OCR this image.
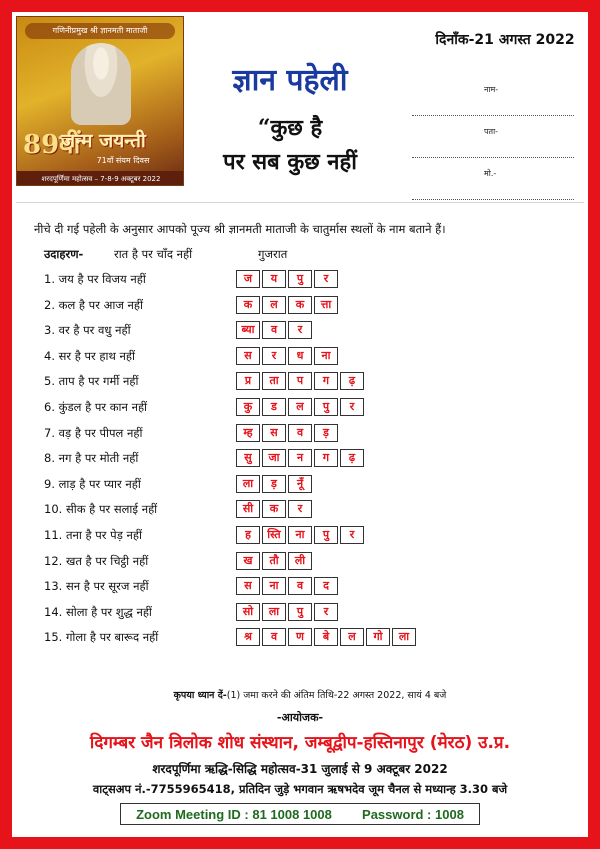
गणिनीप्रमुख श्री ज्ञानमती माताजी
89वीं
जन्म जयन्ती
71वाँ संयम दिवस
शरदपूर्णिमा महोत्सव – 7-8-9 अक्टूबर 2022
दिनाँक-21 अगस्त 2022
ज्ञान पहेली
“कुछ है
पर सब कुछ नहीं
नाम-
पता-
मो.-
नीचे दी गई पहेली के अनुसार आपको पूज्य श्री ज्ञानमती माताजी के चातुर्मास स्थलों के नाम बताने हैं।
उदाहरण-	रात है पर चाँद नहीं	गुजरात
1. जय है पर विजय नहीं	ज	य	पु	र
2. कल है पर आज नहीं	क	ल	क	त्ता
3. वर है पर वधु नहीं	ब्या	व	र
4. सर है पर हाथ नहीं	स	र	ध	ना
5. ताप है पर गर्मी नहीं	प्र	ता	प	ग	ढ़
6. कुंडल है पर कान नहीं	कु	ड	ल	पु	र
7. वड़ है पर पीपल नहीं	म्ह	स	व	ड़
8. नग है पर मोती नहीं	सु	जा	न	ग	ढ़
9. लाड़ है पर प्यार नहीं	ला	ड़	नूँ
10. सीक है पर सलाई नहीं	सी	क	र
11. तना है पर पेड़ नहीं	ह	स्ति	ना	पु	र
12. खत है पर चिट्ठी नहीं	ख	तौ	ली
13. सन है पर सूरज नहीं	स	ना	व	द
14. सोला है पर शुद्ध नहीं	सो	ला	पु	र
15. गोला है पर बारूद नहीं	श्र	व	ण	बे	ल	गो	ला
कृपया ध्यान दें-(1) जमा करने की अंतिम तिथि-22 अगस्त 2022, सायं 4 बजे
-आयोजक-
दिगम्बर जैन त्रिलोक शोध संस्थान, जम्बूद्वीप-हस्तिनापुर (मेरठ) उ.प्र.
शरदपूर्णिमा ऋद्धि-सिद्धि महोत्सव-31 जुलाई से 9 अक्टूबर 2022
वाट्सअप नं.-7755965418, प्रतिदिन जुड़े भगवान ऋषभदेव जूम चैनल से मध्यान्ह 3.30 बजे
Zoom Meeting ID : 81 1008 1008 Password : 1008
